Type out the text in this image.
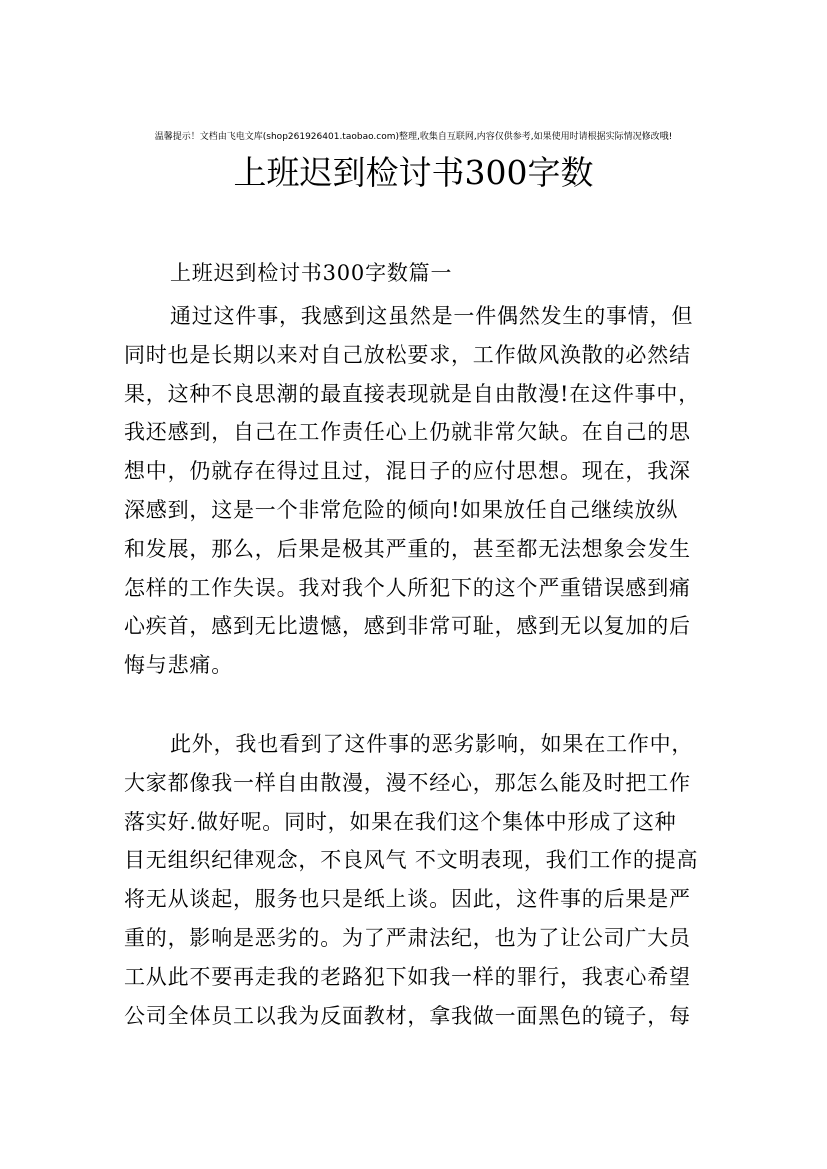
温馨提示！文档由飞电文库(shop261926401.taobao.com)整理,收集自互联网,内容仅供参考,如果使用时请根据实际情况修改哦!
上班迟到检讨书300字数
上班迟到检讨书300字数篇一
通过这件事，我感到这虽然是一件偶然发生的事情，但
同时也是长期以来对自己放松要求，工作做风涣散的必然结
果，这种不良思潮的最直接表现就是自由散漫!在这件事中，
我还感到，自己在工作责任心上仍就非常欠缺。在自己的思
想中，仍就存在得过且过，混日子的应付思想。现在，我深
深感到，这是一个非常危险的倾向!如果放任自己继续放纵
和发展，那么，后果是极其严重的，甚至都无法想象会发生
怎样的工作失误。我对我个人所犯下的这个严重错误感到痛
心疾首，感到无比遗憾，感到非常可耻，感到无以复加的后
悔与悲痛。
此外，我也看到了这件事的恶劣影响，如果在工作中，
大家都像我一样自由散漫，漫不经心，那怎么能及时把工作
落实好.做好呢。同时，如果在我们这个集体中形成了这种
目无组织纪律观念，不良风气 不文明表现，我们工作的提高
将无从谈起，服务也只是纸上谈。因此，这件事的后果是严
重的，影响是恶劣的。为了严肃法纪，也为了让公司广大员
工从此不要再走我的老路犯下如我一样的罪行，我衷心希望
公司全体员工以我为反面教材，拿我做一面黑色的镜子，每
